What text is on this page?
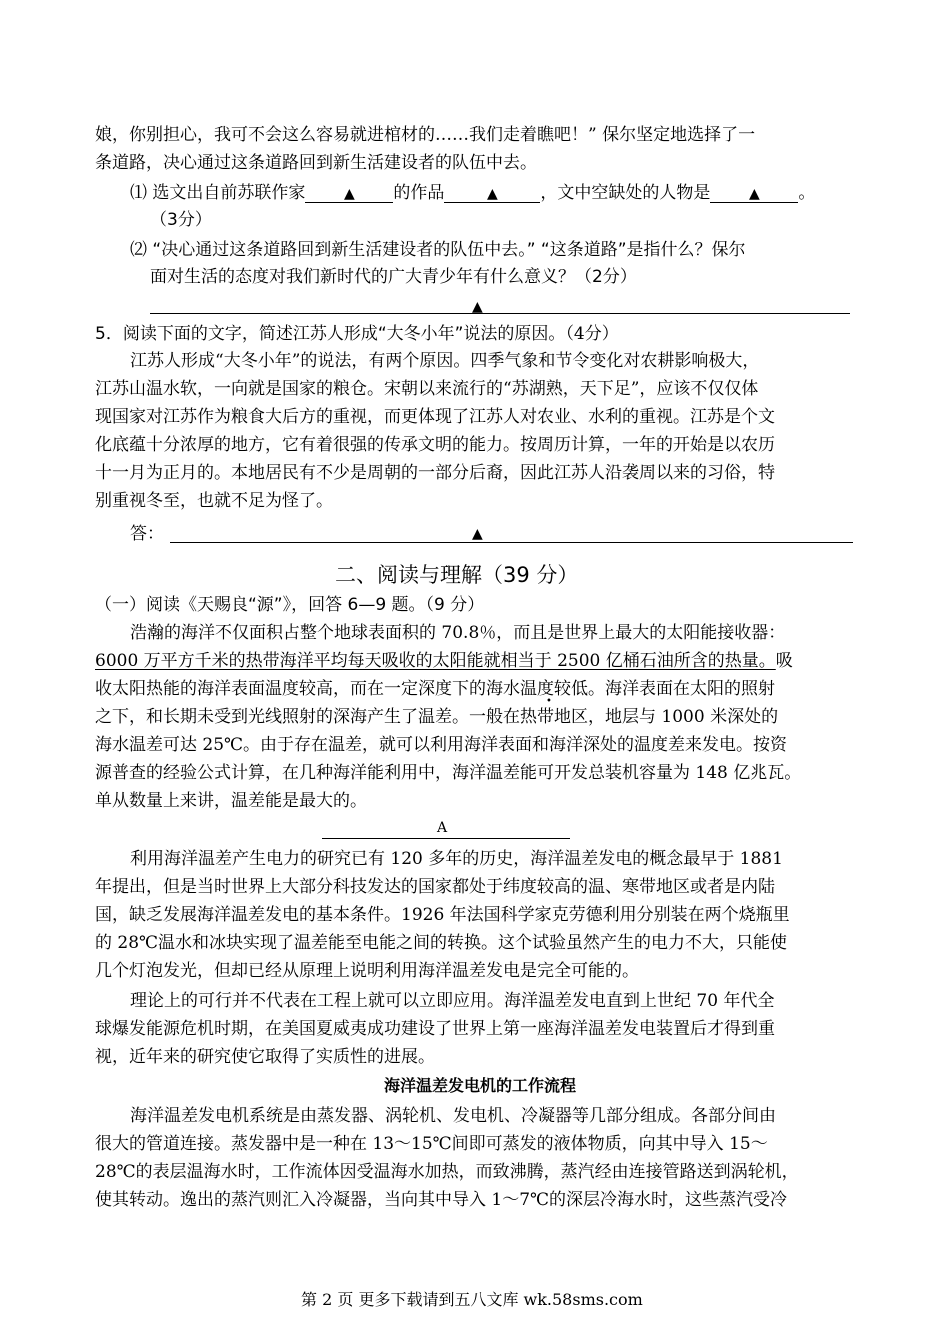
娘，你别担心，我可不会这么容易就进棺材的……我们走着瞧吧！” 保尔坚定地选择了一
条道路，决心通过这条道路回到新生活建设者的队伍中去。
⑴ 选文出自前苏联作家	▲ 的作品	▲	，文中空缺处的人物是	▲ 。
（3分）
⑵ “决心通过这条道路回到新生活建设者的队伍中去。” “这条道路”是指什么？保尔
面对生活的态度对我们新时代的广大青少年有什么意义？（2分）
▲
5．阅读下面的文字，简述江苏人形成“大冬小年”说法的原因。（4分）
江苏人形成“大冬小年”的说法，有两个原因。四季气象和节令变化对农耕影响极大，
江苏山温水软，一向就是国家的粮仓。宋朝以来流行的“苏湖熟，天下足”，应该不仅仅体
现国家对江苏作为粮食大后方的重视，而更体现了江苏人对农业、水利的重视。江苏是个文
化底蕴十分浓厚的地方，它有着很强的传承文明的能力。按周历计算，一年的开始是以农历
十一月为正月的。本地居民有不少是周朝的一部分后裔，因此江苏人沿袭周以来的习俗，特
别重视冬至，也就不足为怪了。
答：	▲
二、阅读与理解（39 分）
（一）阅读《天赐良“源”》，回答 6—9 题。（9 分）
浩瀚的海洋不仅面积占整个地球表面积的 70.8％，而且是世界上最大的太阳能接收器：
6000 万平方千米的热带海洋平均每天吸收的太阳能就相当于 2500 亿桶石油所含的热量。吸
收太阳热能的海洋表面温度较高，而在一定深度下的海水温度较低。海洋表面在太阳的照射
之下，和长期未受到光线照射的深海产生了温差。一般在热带地区，地层与 1000 米深处的
•
海水温差可达 25℃。由于存在温差，就可以利用海洋表面和海洋深处的温度差来发电。按资
源普查的经验公式计算，在几种海洋能利用中，海洋温差能可开发总装机容量为 148 亿兆瓦。
单从数量上来讲，温差能是最大的。
A
利用海洋温差产生电力的研究已有 120 多年的历史，海洋温差发电的概念最早于 1881
年提出，但是当时世界上大部分科技发达的国家都处于纬度较高的温、寒带地区或者是内陆
国，缺乏发展海洋温差发电的基本条件。1926 年法国科学家克劳德利用分别装在两个烧瓶里
的 28℃温水和冰块实现了温差能至电能之间的转换。这个试验虽然产生的电力不大，只能使
几个灯泡发光，但却已经从原理上说明利用海洋温差发电是完全可能的。
理论上的可行并不代表在工程上就可以立即应用。海洋温差发电直到上世纪 70 年代全
球爆发能源危机时期，在美国夏威夷成功建设了世界上第一座海洋温差发电装置后才得到重
视，近年来的研究使它取得了实质性的进展。
海洋温差发电机的工作流程
海洋温差发电机系统是由蒸发器、涡轮机、发电机、冷凝器等几部分组成。各部分间由
很大的管道连接。蒸发器中是一种在 13～15℃间即可蒸发的液体物质，向其中导入 15～
28℃的表层温海水时，工作流体因受温海水加热，而致沸腾，蒸汽经由连接管路送到涡轮机，
使其转动。逸出的蒸汽则汇入冷凝器，当向其中导入 1～7℃的深层冷海水时，这些蒸汽受冷
第 2 页 更多下载请到五八文库 wk.58sms.com
